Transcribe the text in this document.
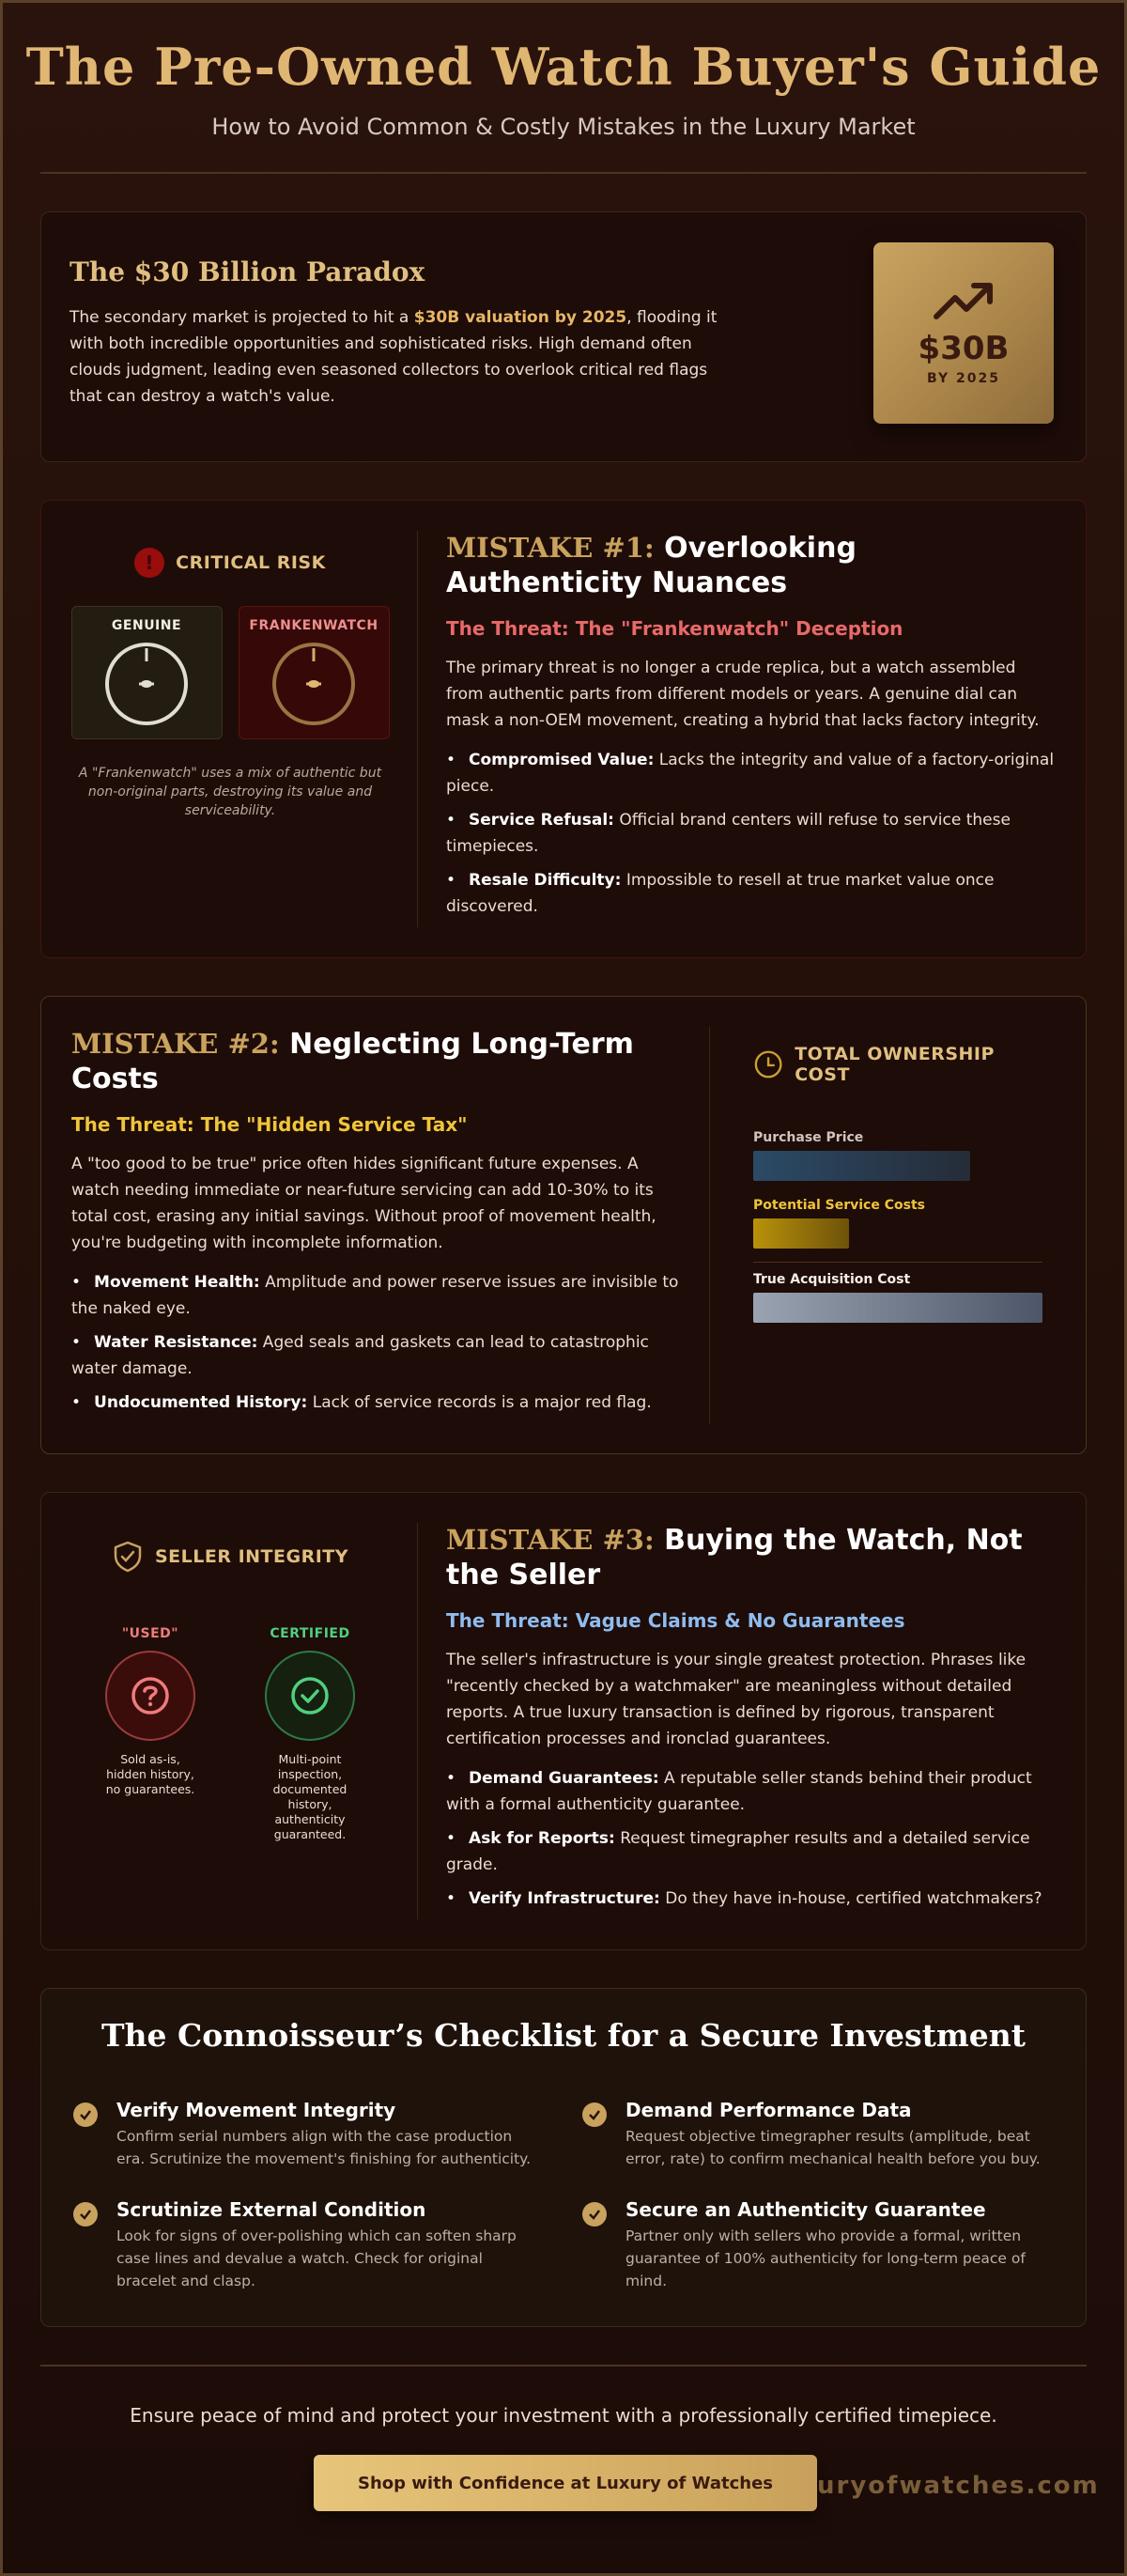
The Pre-Owned Watch Buyer's Guide

How to Avoid Common & Costly Mistakes in the Luxury Market

The $30 Billion Paradox

The secondary market is projected to hit a $30B valuation by 2025, flooding it with both incredible opportunities and sophisticated risks. High demand often clouds judgment, leading even seasoned collectors to overlook critical red flags that can destroy a watch's value.

$30B
BY 2025
!	CRITICAL RISK
GENUINE	FRANKENWATCH

A "Frankenwatch" uses a mix of authentic but non-original parts, destroying its value and serviceability.

MISTAKE #1: Overlooking Authenticity Nuances
The Threat: The "Frankenwatch" Deception

The primary threat is no longer a crude replica, but a watch assembled from authentic parts from different models or years. A genuine dial can mask a non-OEM movement, creating a hybrid that lacks factory integrity.

• Compromised Value: Lacks the integrity and value of a factory-original piece.
• Service Refusal: Official brand centers will refuse to service these timepieces.
• Resale Difficulty: Impossible to resell at true market value once discovered.
MISTAKE #2: Neglecting Long-Term Costs
The Threat: The "Hidden Service Tax"

A "too good to be true" price often hides significant future expenses. A watch needing immediate or near-future servicing can add 10-30% to its total cost, erasing any initial savings. Without proof of movement health, you're budgeting with incomplete information.

• Movement Health: Amplitude and power reserve issues are invisible to the naked eye.
• Water Resistance: Aged seals and gaskets can lead to catastrophic water damage.
• Undocumented History: Lack of service records is a major red flag.
TOTAL OWNERSHIP COST
Purchase Price
Potential Service Costs
True Acquisition Cost
SELLER INTEGRITY
"USED"

Sold as-is, hidden history, no guarantees.

CERTIFIED

Multi-point inspection, documented history, authenticity guaranteed.

MISTAKE #3: Buying the Watch, Not the Seller
The Threat: Vague Claims & No Guarantees

The seller's infrastructure is your single greatest protection. Phrases like "recently checked by a watchmaker" are meaningless without detailed reports. A true luxury transaction is defined by rigorous, transparent certification processes and ironclad guarantees.

• Demand Guarantees: A reputable seller stands behind their product with a formal authenticity guarantee.
• Ask for Reports: Request timegrapher results and a detailed service grade.
• Verify Infrastructure: Do they have in-house, certified watchmakers?
The Connoisseur’s Checklist for a Secure Investment
Verify Movement Integrity

Confirm serial numbers align with the case production era. Scrutinize the movement's finishing for authenticity.

Demand Performance Data

Request objective timegrapher results (amplitude, beat error, rate) to confirm mechanical health before you buy.

Scrutinize External Condition

Look for signs of over-polishing which can soften sharp case lines and devalue a watch. Check for original bracelet and clasp.

Secure an Authenticity Guarantee

Partner only with sellers who provide a formal, written guarantee of 100% authenticity for long-term peace of mind.

Ensure peace of mind and protect your investment with a professionally certified timepiece.

Shop with Confidence at Luxury of Watches	uryofwatches.com
